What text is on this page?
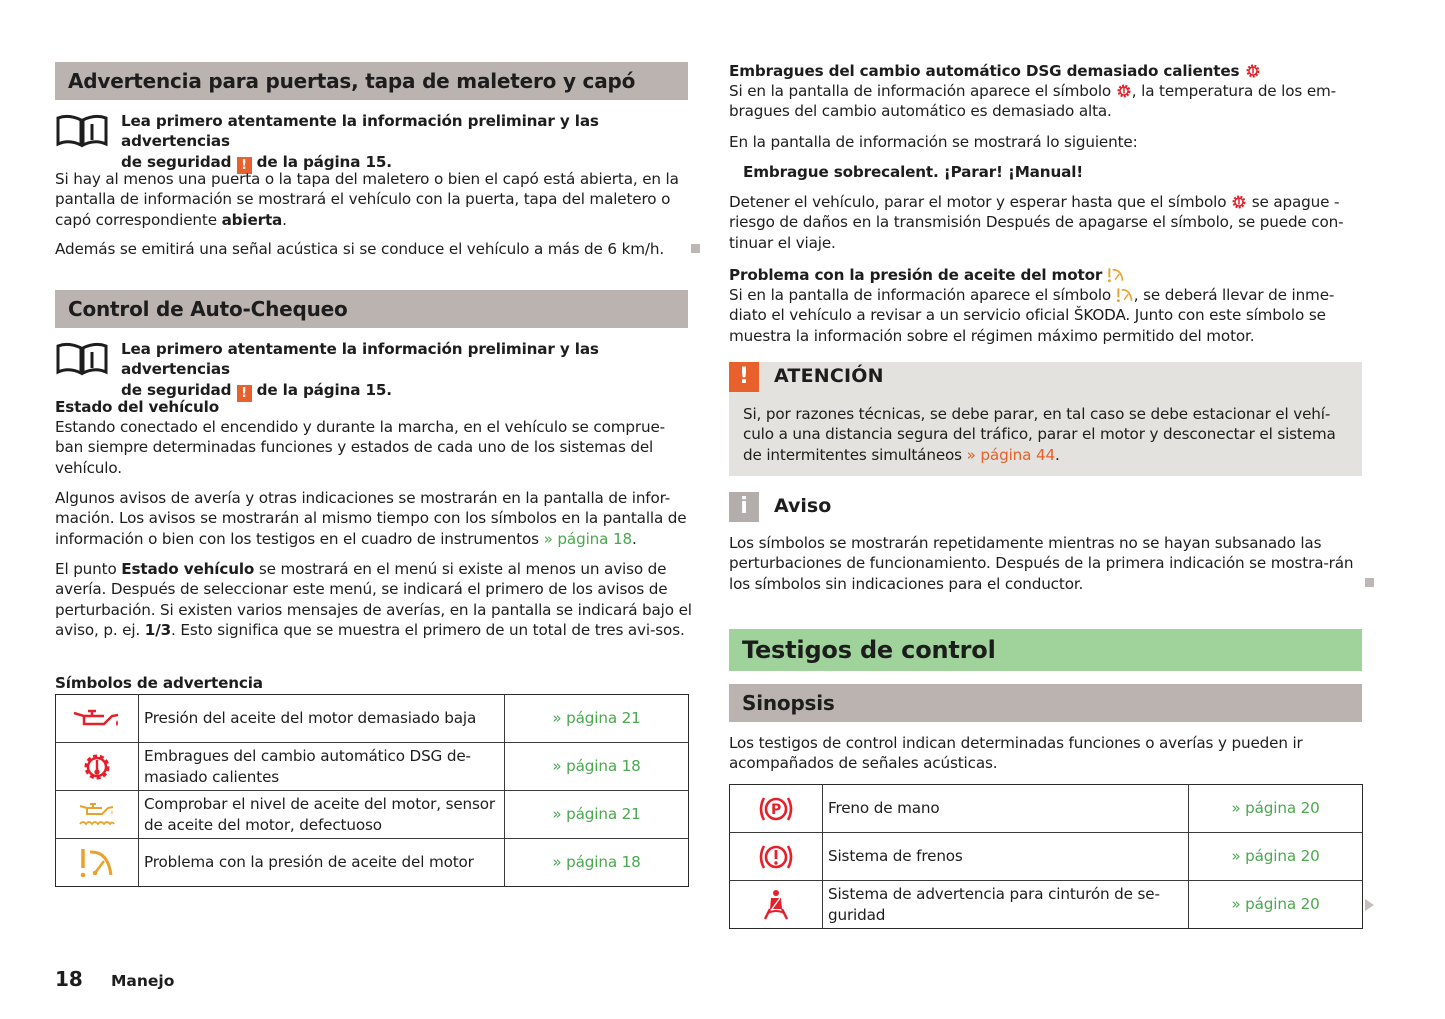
Advertencia para puertas, tapa de maletero y capó
Lea primero atentamente la información preliminar y las advertencias
de seguridad ! de la página 15.

Si hay al menos una puerta o la tapa del maletero o bien el capó está abierta, en la pantalla de información se mostrará el vehículo con la puerta, tapa del maletero o capó correspondiente abierta.

Además se emitirá una señal acústica si se conduce el vehículo a más de 6 km/h.

Control de Auto-Chequeo
Lea primero atentamente la información preliminar y las advertencias
de seguridad ! de la página 15.
Estado del vehículo

Estando conectado el encendido y durante la marcha, en el vehículo se comprue-ban siempre determinadas funciones y estados de cada uno de los sistemas del vehículo.

Algunos avisos de avería y otras indicaciones se mostrarán en la pantalla de infor-mación. Los avisos se mostrarán al mismo tiempo con los símbolos en la pantalla de información o bien con los testigos en el cuadro de instrumentos » página 18.

El punto Estado vehículo se mostrará en el menú si existe al menos un aviso de avería. Después de seleccionar este menú, se indicará el primero de los avisos de perturbación. Si existen varios mensajes de averías, en la pantalla se indicará bajo el aviso, p. ej. 1/3. Esto significa que se muestra el primero de un total de tres avi-sos.

Símbolos de advertencia
	Presión del aceite del motor demasiado baja	» página 21
	Embragues del cambio automático DSG de-masiado calientes	» página 18
	Comprobar el nivel de aceite del motor, sensor de aceite del motor, defectuoso	» página 21
	Problema con la presión de aceite del motor	» página 18
Embragues del cambio automático DSG demasiado calientes

Si en la pantalla de información aparece el símbolo , la temperatura de los em-bragues del cambio automático es demasiado alta.

En la pantalla de información se mostrará lo siguiente:

Embrague sobrecalent. ¡Parar! ¡Manual!

Detener el vehículo, parar el motor y esperar hasta que el símbolo  se apague - riesgo de daños en la transmisión Después de apagarse el símbolo, se puede con-tinuar el viaje.

Problema con la presión de aceite del motor

Si en la pantalla de información aparece el símbolo , se deberá llevar de inme-diato el vehículo a revisar a un servicio oficial ŠKODA. Junto con este símbolo se muestra la información sobre el régimen máximo permitido del motor.

!	ATENCIÓN

Si, por razones técnicas, se debe parar, en tal caso se debe estacionar el vehí-culo a una distancia segura del tráfico, parar el motor y desconectar el sistema de intermitentes simultáneos » página 44.

i	Aviso

Los símbolos se mostrarán repetidamente mientras no se hayan subsanado las perturbaciones de funcionamiento. Después de la primera indicación se mostra-rán los símbolos sin indicaciones para el conductor.

Testigos de control
Sinopsis

Los testigos de control indican determinadas funciones o averías y pueden ir acompañados de señales acústicas.

P	Freno de mano	» página 20
	Sistema de frenos	» página 20
	Sistema de advertencia para cinturón de se-guridad	» página 20
18 Manejo
